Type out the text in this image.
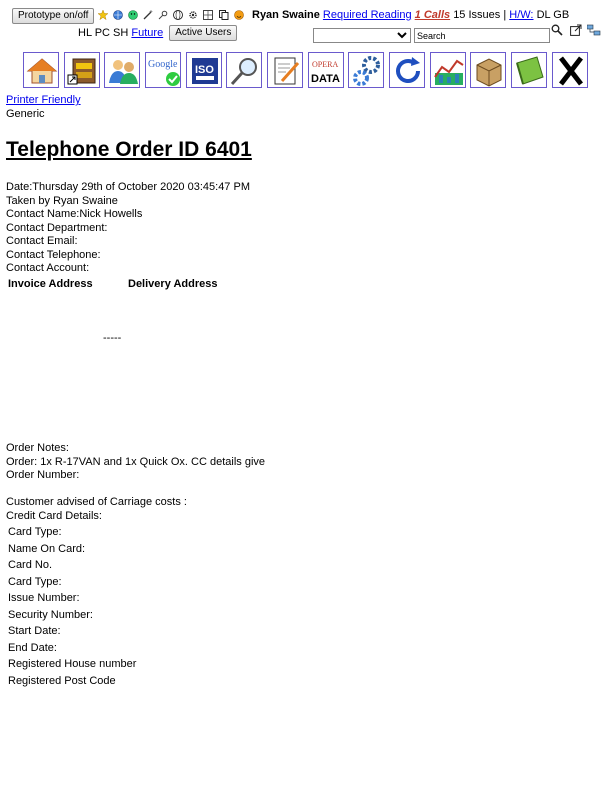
Prototype on/off
	Ryan Swaine Required Reading 1 Calls 15 Issues | H/W: DL GB
HL PC SH Future Active Users
Search

Google
ISO

	OPERA
DATA

Printer Friendly
Generic
Telephone Order ID 6401
Date:Thursday 29th of October 2020 03:45:47 PM
Taken by Ryan Swaine
Contact Name:Nick Howells
Contact Department:
Contact Email:
Contact Telephone:
Contact Account:
Invoice Address	Delivery Address
-----
Order Notes:
Order: 1x R-17VAN and 1x Quick Ox. CC details give
Order Number:
Customer advised of Carriage costs :
Credit Card Details:
Card Type:
Name On Card:
Card No.
Card Type:
Issue Number:
Security Number:
Start Date:
End Date:
Registered House number
Registered Post Code
